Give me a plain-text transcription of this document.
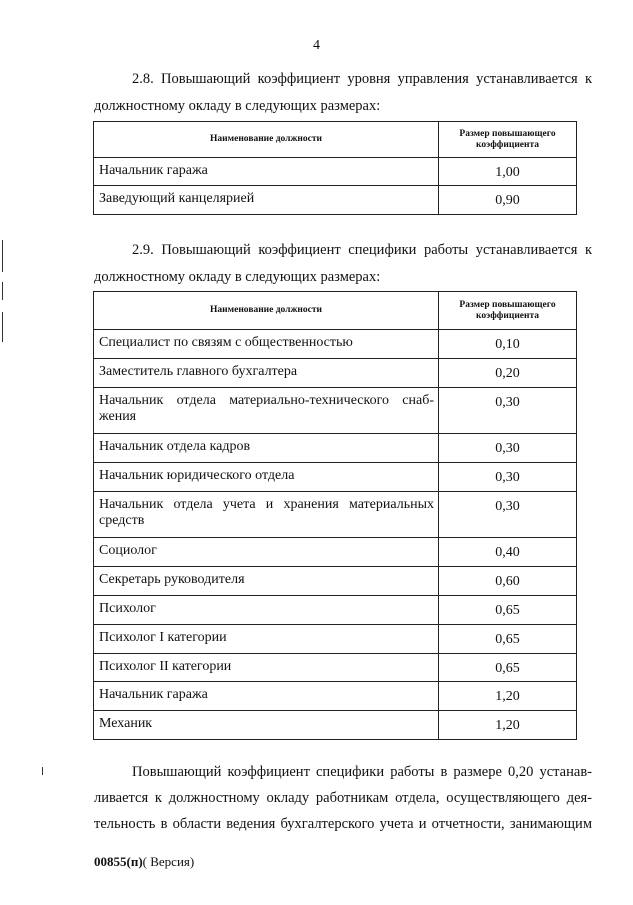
4
2.8. Повышающий коэффициент уровня управления устанавливается к
должностному окладу в следующих размерах:
Наименование должности	Размер повышающего коэффициента
Начальник гаража	1,00
Заведующий канцелярией	0,90
2.9. Повышающий коэффициент специфики работы устанавливается к
должностному окладу в следующих размерах:
Наименование должности	Размер повышающего коэффициента
Специалист по связям с общественностью	0,10
Заместитель главного бухгалтера	0,20
Начальник отдела материально-технического снаб-жения	0,30
Начальник отдела кадров	0,30
Начальник юридического отдела	0,30
Начальник отдела учета и хранения материальных средств	0,30
Социолог	0,40
Секретарь руководителя	0,60
Психолог	0,65
Психолог I категории	0,65
Психолог II категории	0,65
Начальник гаража	1,20
Механик	1,20
Повышающий коэффициент специфики работы в размере 0,20 устанав-
ливается к должностному окладу работникам отдела, осуществляющего дея-
тельность в области ведения бухгалтерского учета и отчетности, занимающим
00855(п)( Версия)
